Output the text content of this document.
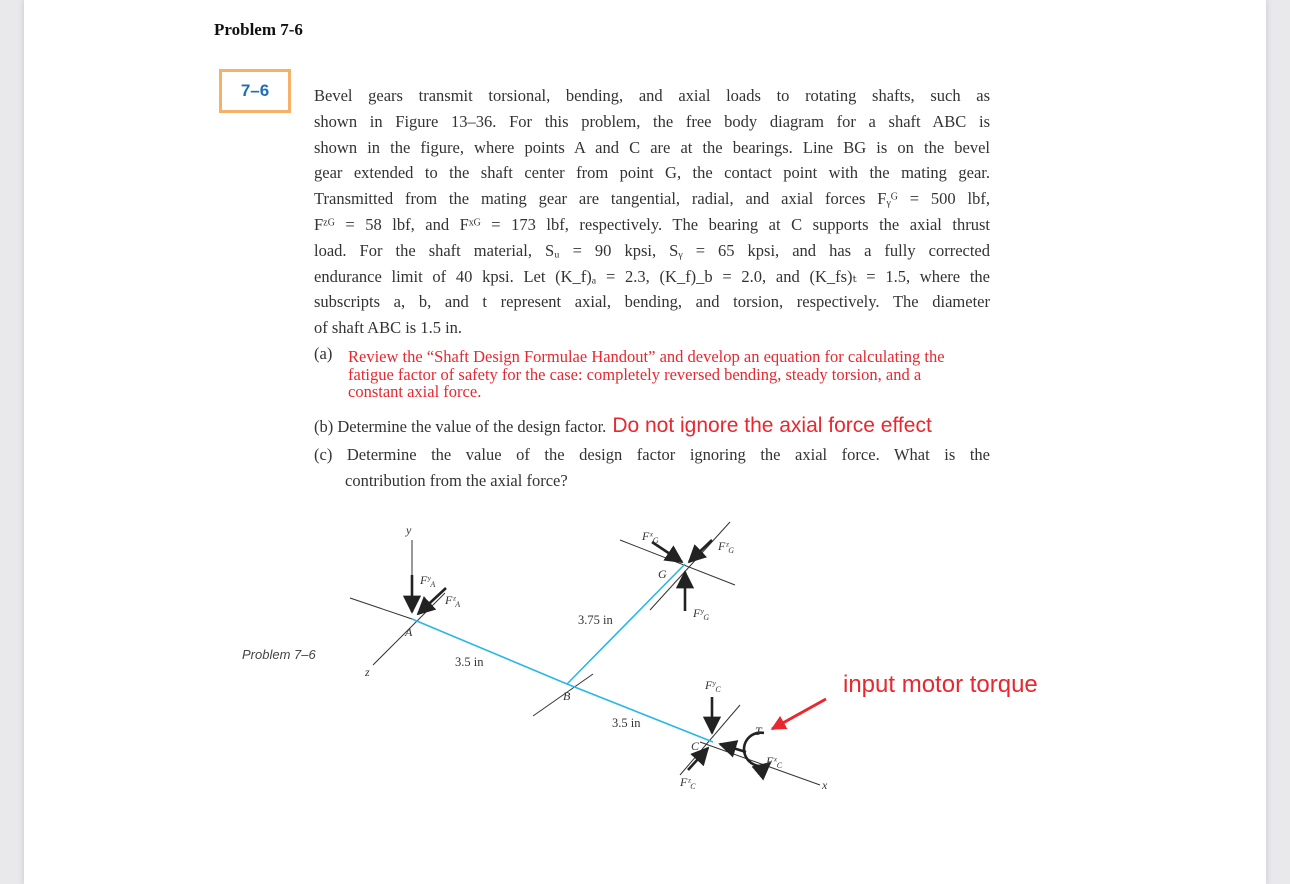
Problem 7-6
7–6	Bevel gears transmit torsional, bending, and axial loads to rotating shafts, such as
shown in Figure 13–36. For this problem, the free body diagram for a shaft ABC is
shown in the figure, where points A and C are at the bearings. Line BG is on the bevel
gear extended to the shaft center from point G, the contact point with the mating gear.
Transmitted from the mating gear are tangential, radial, and axial forces Fᵧᴳ = 500 lbf,
Fᶻᴳ = 58 lbf, and Fˣᴳ = 173 lbf, respectively. The bearing at C supports the axial thrust
load. For the shaft material, Sᵤ = 90 kpsi, Sᵧ = 65 kpsi, and has a fully corrected
endurance limit of 40 kpsi. Let (K_f)ₐ = 2.3, (K_f)_b = 2.0, and (K_fs)ₜ = 1.5, where the
subscripts a, b, and t represent axial, bending, and torsion, respectively. The diameter
of shaft ABC is 1.5 in.
(a) Review the “Shaft Design Formulae Handout” and develop an equation for calculating the fatigue factor of safety for the case: completely reversed bending, steady torsion, and a constant axial force.
(b) Determine the value of the design factor. Do not ignore the axial force effect
(c) Determine the value of the design factor ignoring the axial force. What is the
contribution from the axial force?
Problem 7–6
input motor torque
y
z
x
A
B
C
G
T
Fʸ$_A$
Fᶻ$_A$
Fˣ$_G$	Fᶻ$_G$
Fʸ$_G$
Fʸ$_C$
Fᶻ$_C$
Fˣ$_C$
3.5 in
3.75 in
3.5 in
